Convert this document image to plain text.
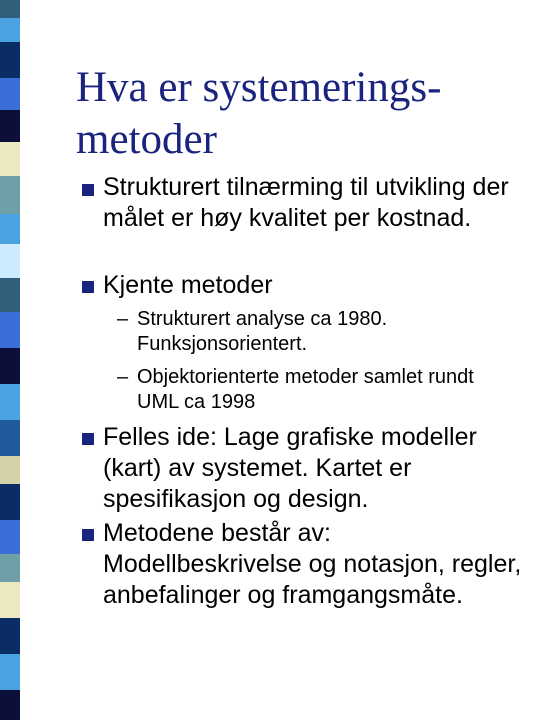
Hva er systemerings-
metoder
Strukturert tilnærming til utvikling der målet er høy kvalitet per kostnad.
Kjente metoder
– Strukturert analyse ca 1980. Funksjonsorientert.
– Objektorienterte metoder samlet rundt UML ca 1998
Felles ide: Lage grafiske modeller (kart) av systemet. Kartet er spesifikasjon og design.
Metodene består av: Modellbeskrivelse og notasjon, regler, anbefalinger og framgangsmåte.
